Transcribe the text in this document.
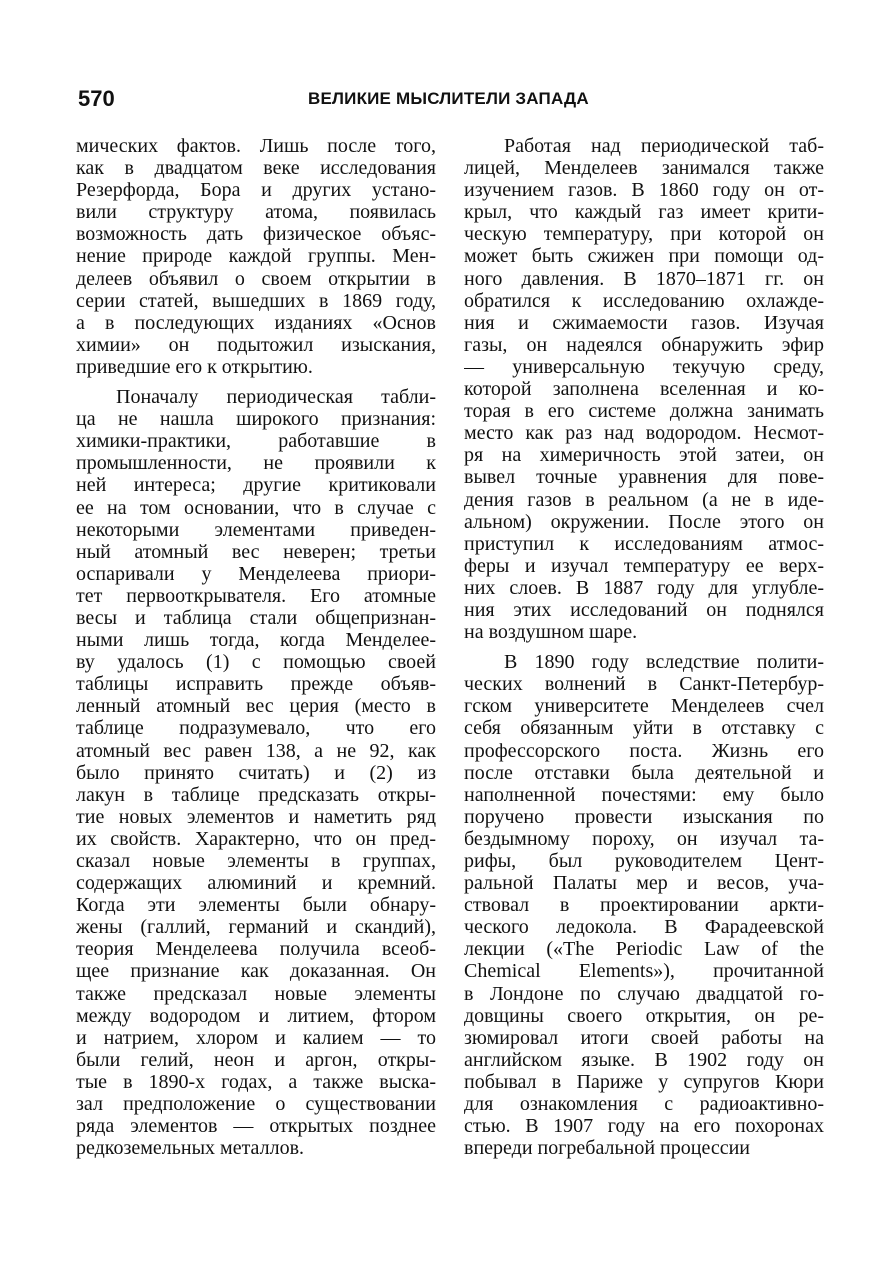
570	ВЕЛИКИЕ МЫСЛИТЕЛИ ЗАПАДА

мических фактов. Лишь после того,
как в двадцатом веке исследования
Резерфорда, Бора и других устано-
вили структуру атома, появилась
возможность дать физическое объяс-
нение природе каждой группы. Мен-
делеев объявил о своем открытии в
серии статей, вышедших в 1869 году,
а в последующих изданиях «Основ
химии» он подытожил изыскания,
приведшие его к открытию.

Поначалу периодическая табли-
ца не нашла широкого признания:
химики-практики, работавшие в
промышленности, не проявили к
ней интереса; другие критиковали
ее на том основании, что в случае с
некоторыми элементами приведен-
ный атомный вес неверен; третьи
оспаривали у Менделеева приори-
тет первооткрывателя. Его атомные
весы и таблица стали общепризнан-
ными лишь тогда, когда Менделее-
ву удалось (1) с помощью своей
таблицы исправить прежде объяв-
ленный атомный вес церия (место в
таблице подразумевало, что его
атомный вес равен 138, а не 92, как
было принято считать) и (2) из
лакун в таблице предсказать откры-
тие новых элементов и наметить ряд
их свойств. Характерно, что он пред-
сказал новые элементы в группах,
содержащих алюминий и кремний.
Когда эти элементы были обнару-
жены (галлий, германий и скандий),
теория Менделеева получила всеоб-
щее признание как доказанная. Он
также предсказал новые элементы
между водородом и литием, фтором
и натрием, хлором и калием — то
были гелий, неон и аргон, откры-
тые в 1890-х годах, а также выска-
зал предположение о существовании
ряда элементов — открытых позднее
редкоземельных металлов.

Работая над периодической таб-
лицей, Менделеев занимался также
изучением газов. В 1860 году он от-
крыл, что каждый газ имеет крити-
ческую температуру, при которой он
может быть сжижен при помощи од-
ного давления. В 1870–1871 гг. он
обратился к исследованию охлажде-
ния и сжимаемости газов. Изучая
газы, он надеялся обнаружить эфир
— универсальную текучую среду,
которой заполнена вселенная и ко-
торая в его системе должна занимать
место как раз над водородом. Несмот-
ря на химеричность этой затеи, он
вывел точные уравнения для пове-
дения газов в реальном (а не в иде-
альном) окружении. После этого он
приступил к исследованиям атмос-
феры и изучал температуру ее верх-
них слоев. В 1887 году для углубле-
ния этих исследований он поднялся
на воздушном шаре.

В 1890 году вследствие полити-
ческих волнений в Санкт-Петербур-
гском университете Менделеев счел
себя обязанным уйти в отставку с
профессорского поста. Жизнь его
после отставки была деятельной и
наполненной почестями: ему было
поручено провести изыскания по
бездымному пороху, он изучал та-
рифы, был руководителем Цент-
ральной Палаты мер и весов, уча-
ствовал в проектировании аркти-
ческого ледокола. В Фарадеевской
лекции («The Periodic Law of the
Chemical Elements»), прочитанной
в Лондоне по случаю двадцатой го-
довщины своего открытия, он ре-
зюмировал итоги своей работы на
английском языке. В 1902 году он
побывал в Париже у супругов Кюри
для ознакомления с радиоактивно-
стью. В 1907 году на его похоронах
впереди погребальной процессии
